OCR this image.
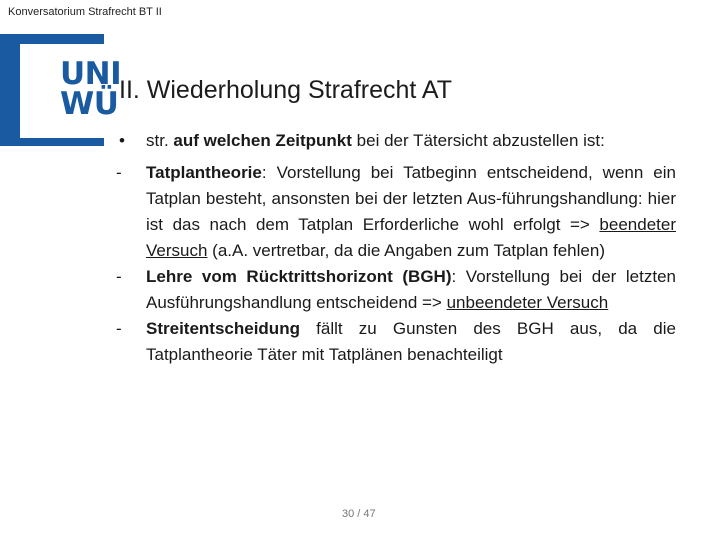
Konversatorium Strafrecht BT II
UNI
WÜ II. Wiederholung Strafrecht AT

• str. auf welchen Zeitpunkt bei der Tätersicht abzustellen ist:

- Tatplantheorie: Vorstellung bei Tatbeginn entscheidend, wenn ein Tatplan besteht, ansonsten bei der letzten Aus-führungshandlung: hier ist das nach dem Tatplan Erforderliche wohl erfolgt => beendeter Versuch (a.A. vertretbar, da die Angaben zum Tatplan fehlen)

- Lehre vom Rücktrittshorizont (BGH): Vorstellung bei der letzten Ausführungshandlung entscheidend => unbeendeter Versuch

- Streitentscheidung fällt zu Gunsten des BGH aus, da die Tatplantheorie Täter mit Tatplänen benachteiligt

30 / 47
